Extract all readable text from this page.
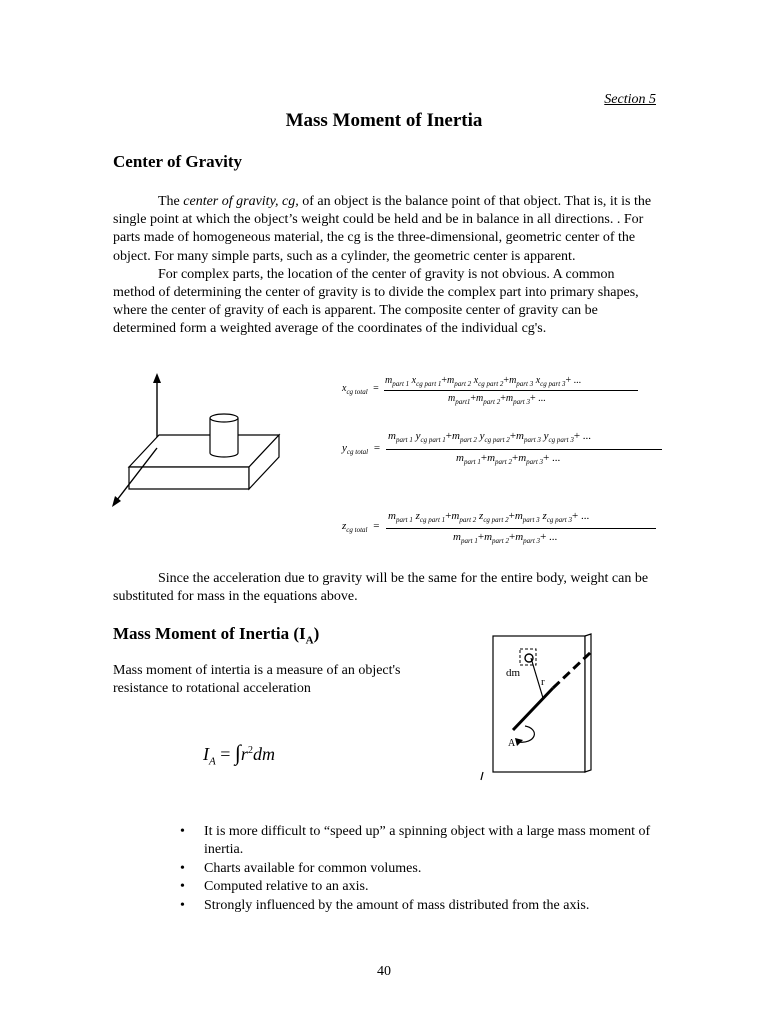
Section 5
Mass Moment of Inertia
Center of Gravity

The center of gravity, cg, of an object is the balance point of that object. That is, it is the single point at which the object’s weight could be held and be in balance in all directions. . For parts made of homogeneous material, the cg is the three-dimensional, geometric center of the object. For many simple parts, such as a cylinder, the geometric center is apparent.

For complex parts, the location of the center of gravity is not obvious. A common method of determining the center of gravity is to divide the complex part into primary shapes, where the center of gravity of each is apparent. The composite center of gravity can be determined form a weighted average of the coordinates of the individual cg's.

$x_{cg total}$ =
$m_{part 1}$ $x_{cg part 1}+m_{part 2}$ $x_{cg part 2}+m_{part 3}$ $x_{cg part 3}+$ ...
$m_{part1}+m_{part 2}+m_{part 3}+$ ...
$y_{cg total}$ =
$m_{part 1}$ $y_{cg part 1}+m_{part 2}$ $y_{cg part 2}+m_{part 3}$ $y_{cg part 3}+$ ...
$m_{part 1}+m_{part 2}+m_{part 3}+$ ...
$z_{cg total}$ =
$m_{part 1}$ $z_{cg part 1}+m_{part 2}$ $z_{cg part 2}+m_{part 3}$ $z_{cg part 3}+$ ...
$m_{part 1}+m_{part 2}+m_{part 3}+$ ...

Since the acceleration due to gravity will be the same for the entire body, weight can be substituted for mass in the equations above.

Mass Moment of Inertia $(I_A)$
Mass moment of intertia is a measure of an object's resistance to rotational acceleration
$I_A = \int r^2dm$
dm
r
A
• It is more difficult to “speed up” a spinning object with a large mass moment of inertia.
• Charts available for common volumes.
• Computed relative to an axis.
• Strongly influenced by the amount of mass distributed from the axis.
40
